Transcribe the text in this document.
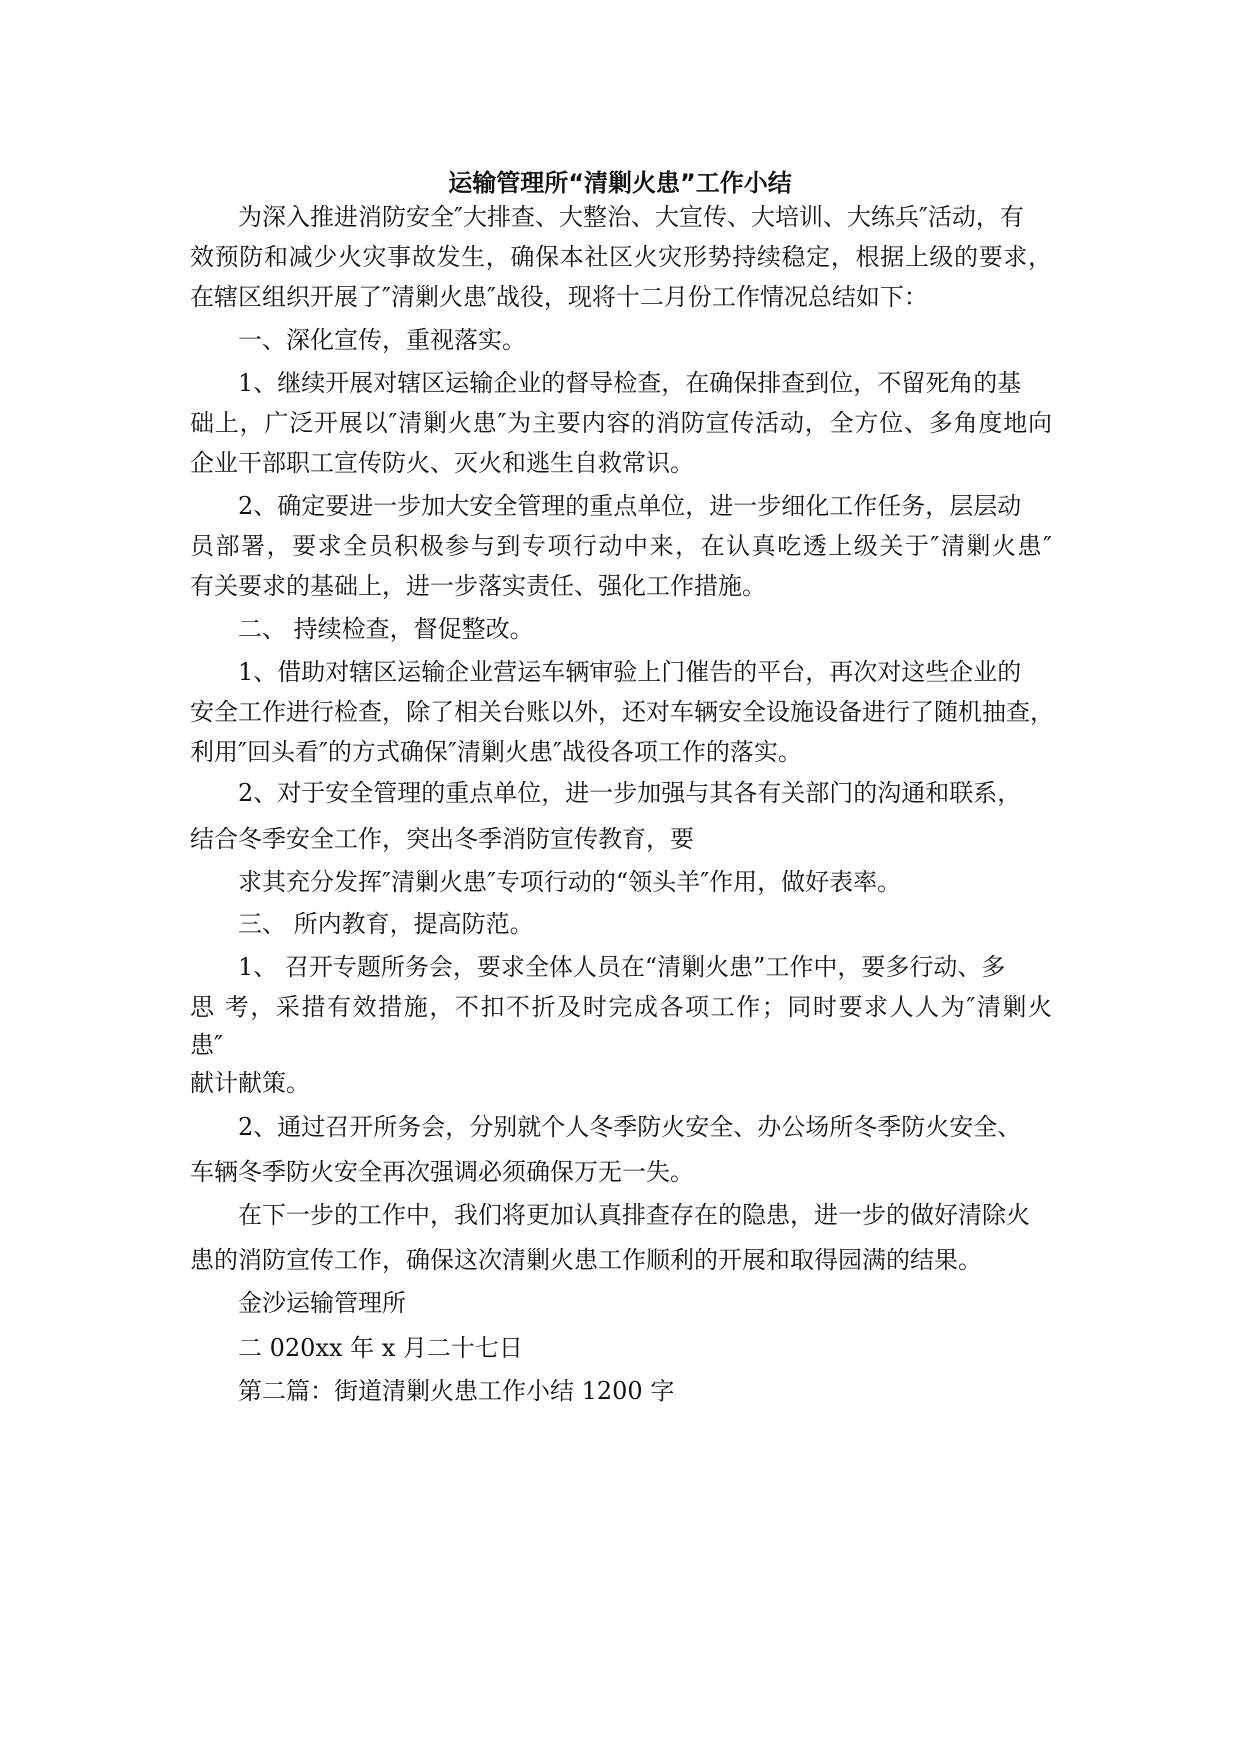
运输管理所“清剿火患”工作小结
为深入推进消防安全″大排查、大整治、大宣传、大培训、大练兵″活动，有
效预防和减少火灾事故发生，确保本社区火灾形势持续稳定，根据上级的要求，
在辖区组织开展了″清剿火患″战役，现将十二月份工作情况总结如下：
一、深化宣传，重视落实。
1、继续开展对辖区运输企业的督导检查，在确保排查到位，不留死角的基
础上，广泛开展以″清剿火患″为主要内容的消防宣传活动，全方位、多角度地向
企业干部职工宣传防火、灭火和逃生自救常识。
2、确定要进一步加大安全管理的重点单位，进一步细化工作任务，层层动
员部署，要求全员积极参与到专项行动中来，在认真吃透上级关于″清剿火患″
有关要求的基础上，进一步落实责任、强化工作措施。
二、 持续检查，督促整改。
1、借助对辖区运输企业营运车辆审验上门催告的平台，再次对这些企业的
安全工作进行检查，除了相关台账以外，还对车辆安全设施设备进行了随机抽查，
利用″回头看″的方式确保″清剿火患″战役各项工作的落实。
2、对于安全管理的重点单位，进一步加强与其各有关部门的沟通和联系，
结合冬季安全工作，突出冬季消防宣传教育，要
求其充分发挥″清剿火患″专项行动的“领头羊″作用，做好表率。
三、 所内教育，提高防范。
1、 召开专题所务会，要求全体人员在“清剿火患”工作中，要多行动、多
思 考，采措有效措施，不扣不折及时完成各项工作；同时要求人人为″清剿火
患″
献计献策。
2、通过召开所务会，分别就个人冬季防火安全、办公场所冬季防火安全、
车辆冬季防火安全再次强调必须确保万无一失。
在下一步的工作中，我们将更加认真排查存在的隐患，进一步的做好清除火
患的消防宣传工作，确保这次清剿火患工作顺利的开展和取得园满的结果。
金沙运输管理所
二 020xx 年 x 月二十七日
第二篇：街道清剿火患工作小结 1200 字
